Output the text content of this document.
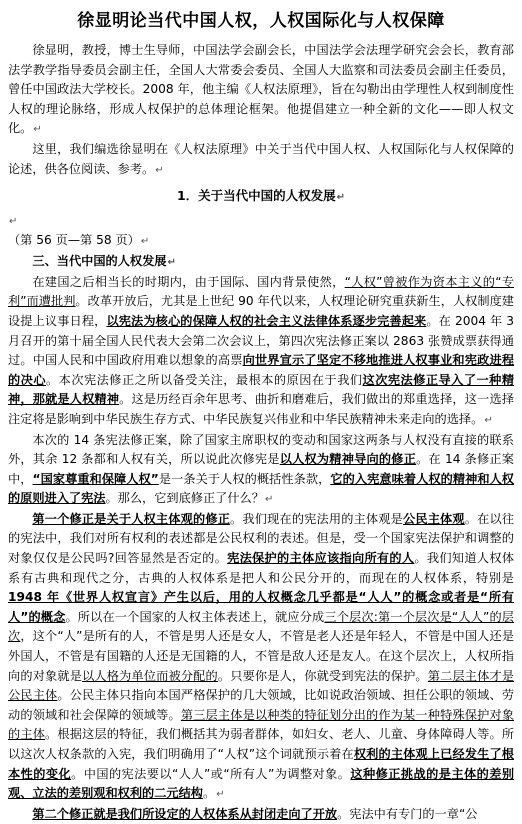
徐显明论当代中国人权，人权国际化与人权保障

徐显明，教授，博士生导师，中国法学会副会长，中国法学会法理学研究会会长，教育部法学教学指导委员会副主任，全国人大常委会委员、全国人大监察和司法委员会副主任委员，曾任中国政法大学校长。2008 年，他主编《人权法原理》，旨在勾勒出由学理性人权到制度性人权的理论脉络，形成人权保护的总体理论框架。他提倡建立一种全新的文化——即人权文化。↵

这里，我们编选徐显明在《人权法原理》中关于当代中国人权、人权国际化与人权保障的论述，供各位阅读、参考。↵

1．关于当代中国的人权发展↵
↵

（第 56 页—第 58 页）↵

三、当代中国的人权发展↵

在建国之后相当长的时期内，由于国际、国内背景使然，“人权”曾被作为资本主义的“专利”而遭批判。改革开放后，尤其是上世纪 90 年代以来，人权理论研究重获新生，人权制度建设提上议事日程，以宪法为核心的保障人权的社会主义法律体系逐步完善起来。在 2004 年 3 月召开的第十届全国人民代表大会第二次会议上，第四次宪法修正案以 2863 张赞成票获得通过。中国人民和中国政府用难以想象的高票向世界宣示了坚定不移地推进人权事业和宪政进程的决心。本次宪法修正之所以备受关注，最根本的原因在于我们这次宪法修正导入了一种精神，那就是人权精神。这是历经百余年思考、曲折和磨难后，我们做出的郑重选择，这一选择注定将是影响到中华民族生存方式、中华民族复兴伟业和中华民族精神未来走向的选择。↵

本次的 14 条宪法修正案，除了国家主席职权的变动和国家这两条与人权没有直接的联系外，其余 12 条都和人权有关，所以说此次修宪是以人权为精神导向的修正。在 14 条修正案中，“国家尊重和保障人权”是一条关于人权的概括性条款，它的入宪意味着人权的精神和人权的原则进入了宪法。那么，它到底修正了什么？↵

第一个修正是关于人权主体观的修正。我们现在的宪法用的主体观是公民主体观。在以往的宪法中，我们对所有权利的表述都是公民权利的表述。但是，受一个国家宪法保护和调整的对象仅仅是公民吗?回答显然是否定的。宪法保护的主体应该指向所有的人。我们知道人权体系有古典和现代之分，古典的人权体系是把人和公民分开的，而现在的人权体系，特别是1948 年《世界人权宣言》产生以后，用的人权概念几乎都是“人人”的概念或者是“所有人”的概念。所以在一个国家的人权主体表述上，就应分成三个层次:第一个层次是“人人”的层次，这个“人”是所有的人，不管是男人还是女人，不管是老人还是年轻人，不管是中国人还是外国人，不管是有国籍的人还是无国籍的人，不管是敌人还是友人。在这个层次上，人权所指向的对象就是以人格为单位而被分配的。只要你是人，你就受到宪法的保护。第二层主体才是公民主体。公民主体只指向本国严格保护的几大领域，比如说政治领域、担任公职的领域、劳动的领域和社会保障的领域等。第三层主体是以种类的特征划分出的作为某一种特殊保护对象的主体。根据这层的特征，我们概括其为弱者群体，如妇女、老人、儿童、身体障碍人等。所以这次人权条款的入宪，我们明确用了“人权”这个词就预示着在权利的主体观上已经发生了根本性的变化。中国的宪法要以“人人”或“所有人”为调整对象。这种修正挑战的是主体的差别观、立法的差别观和权利的二元结构。↵

第二个修正就是我们所设定的人权体系从封闭走向了开放。宪法中有专门的一章“公
